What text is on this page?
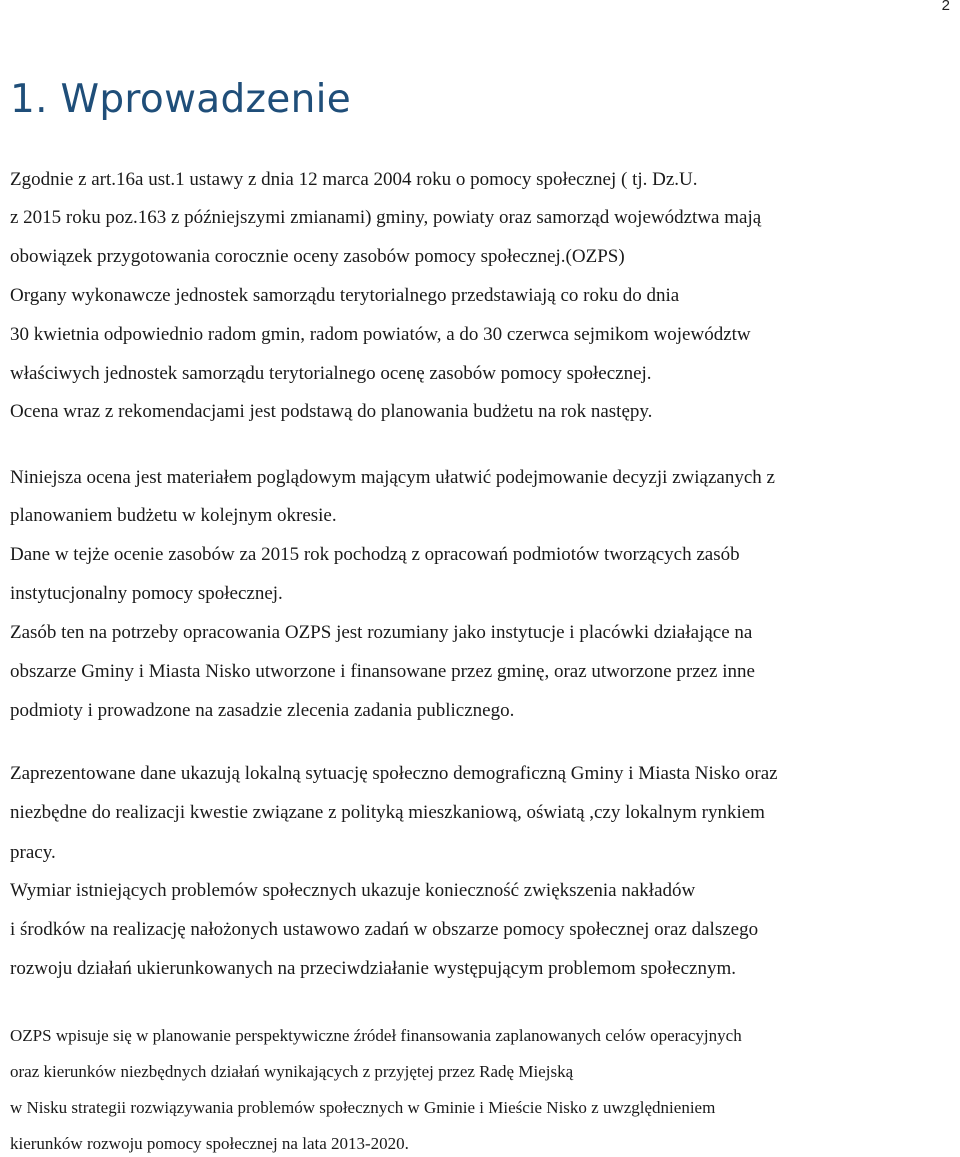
2
1. Wprowadzenie
Zgodnie z art.16a ust.1 ustawy z dnia 12 marca 2004 roku o pomocy społecznej ( tj. Dz.U.
z 2015 roku poz.163 z późniejszymi zmianami) gminy, powiaty oraz samorząd województwa mają
obowiązek przygotowania corocznie oceny zasobów pomocy społecznej.(OZPS)
Organy wykonawcze jednostek samorządu terytorialnego przedstawiają co roku do dnia
30 kwietnia odpowiednio radom gmin, radom powiatów, a do 30 czerwca sejmikom województw
właściwych jednostek samorządu terytorialnego ocenę zasobów pomocy społecznej.
Ocena wraz z rekomendacjami jest podstawą do planowania budżetu na rok następy.
Niniejsza ocena jest materiałem poglądowym mającym ułatwić podejmowanie decyzji związanych z
planowaniem budżetu w kolejnym okresie.
Dane w tejże ocenie zasobów za 2015 rok pochodzą z opracowań podmiotów tworzących zasób
instytucjonalny pomocy społecznej.
Zasób ten na potrzeby opracowania OZPS jest rozumiany jako instytucje i placówki działające na
obszarze Gminy i Miasta Nisko utworzone i finansowane przez gminę, oraz utworzone przez inne
podmioty i prowadzone na zasadzie zlecenia zadania publicznego.
Zaprezentowane dane ukazują lokalną sytuację społeczno demograficzną Gminy i Miasta Nisko oraz
niezbędne do realizacji kwestie związane z polityką mieszkaniową, oświatą ,czy lokalnym rynkiem
pracy.
Wymiar istniejących problemów społecznych ukazuje konieczność zwiększenia nakładów
i środków na realizację nałożonych ustawowo zadań w obszarze pomocy społecznej oraz dalszego
rozwoju działań ukierunkowanych na przeciwdziałanie występującym problemom społecznym.
OZPS wpisuje się w planowanie perspektywiczne źródeł finansowania zaplanowanych celów operacyjnych
oraz kierunków niezbędnych działań wynikających z przyjętej przez Radę Miejską
w Nisku strategii rozwiązywania problemów społecznych w Gminie i Mieście Nisko z uwzględnieniem
kierunków rozwoju pomocy społecznej na lata 2013-2020.
